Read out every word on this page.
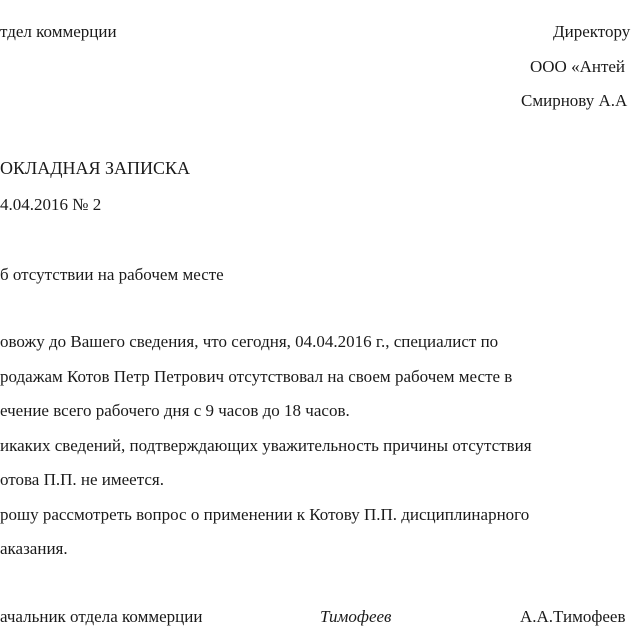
тдел коммерции	Директору
ООО «Антей
Смирнову А.А
ОКЛАДНАЯ ЗАПИСКА
4.04.2016 № 2
б отсутствии на рабочем месте
овожу до Вашего сведения, что сегодня, 04.04.2016 г., специалист по
родажам Котов Петр Петрович отсутствовал на своем рабочем месте в
ечение всего рабочего дня с 9 часов до 18 часов.
икаких сведений, подтверждающих уважительность причины отсутствия
отова П.П. не имеется.
рошу рассмотреть вопрос о применении к Котову П.П. дисциплинарного
аказания.
ачальник отдела коммерции	Тимофеев	А.А.Тимофеев
